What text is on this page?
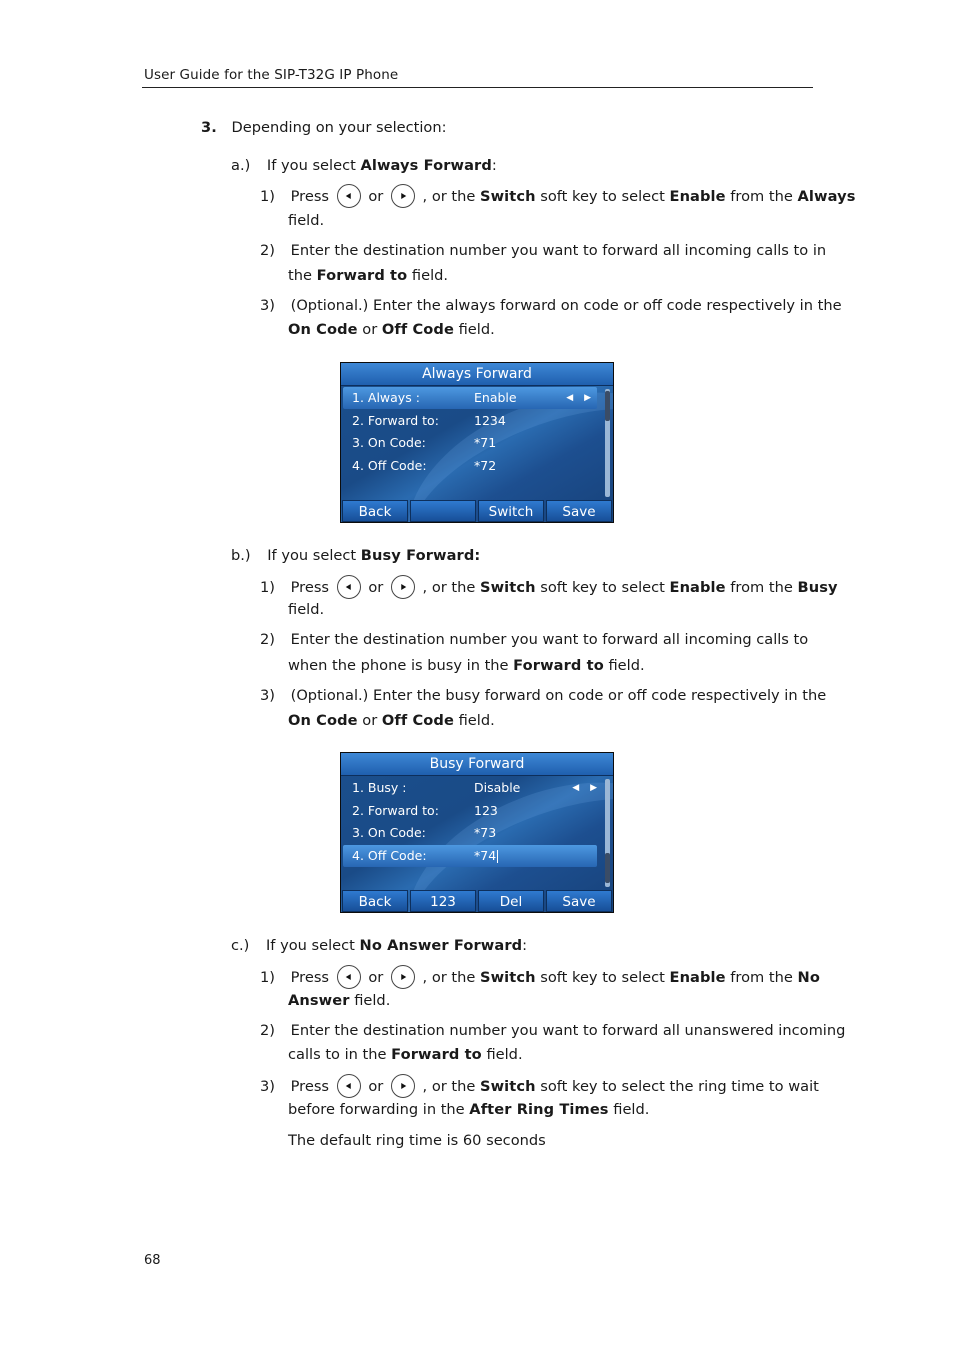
User Guide for the SIP-T32G IP Phone
3. Depending on your selection:
a.) If you select Always Forward:
1) Press	or	, or the Switch soft key to select Enable from the Always
field.
2) Enter the destination number you want to forward all incoming calls to in
the Forward to field.
3) (Optional.) Enter the always forward on code or off code respectively in the
On Code or Off Code field.
Always Forward
1. Always :	Enable	◀ ▶
2. Forward to:	1234
3. On Code:	*71
4. Off Code:	*72
Back	Switch	Save
b.) If you select Busy Forward:
1) Press	or	, or the Switch soft key to select Enable from the Busy
field.
2) Enter the destination number you want to forward all incoming calls to
when the phone is busy in the Forward to field.
3) (Optional.) Enter the busy forward on code or off code respectively in the
On Code or Off Code field.
Busy Forward
1. Busy :	Disable	◀ ▶
2. Forward to:	123
3. On Code:	*73
4. Off Code:	*74
Back	123	Del	Save
c.) If you select No Answer Forward:
1) Press	or	, or the Switch soft key to select Enable from the No
Answer field.
2) Enter the destination number you want to forward all unanswered incoming
calls to in the Forward to field.
3) Press	or	, or the Switch soft key to select the ring time to wait
before forwarding in the After Ring Times field.
The default ring time is 60 seconds
68
